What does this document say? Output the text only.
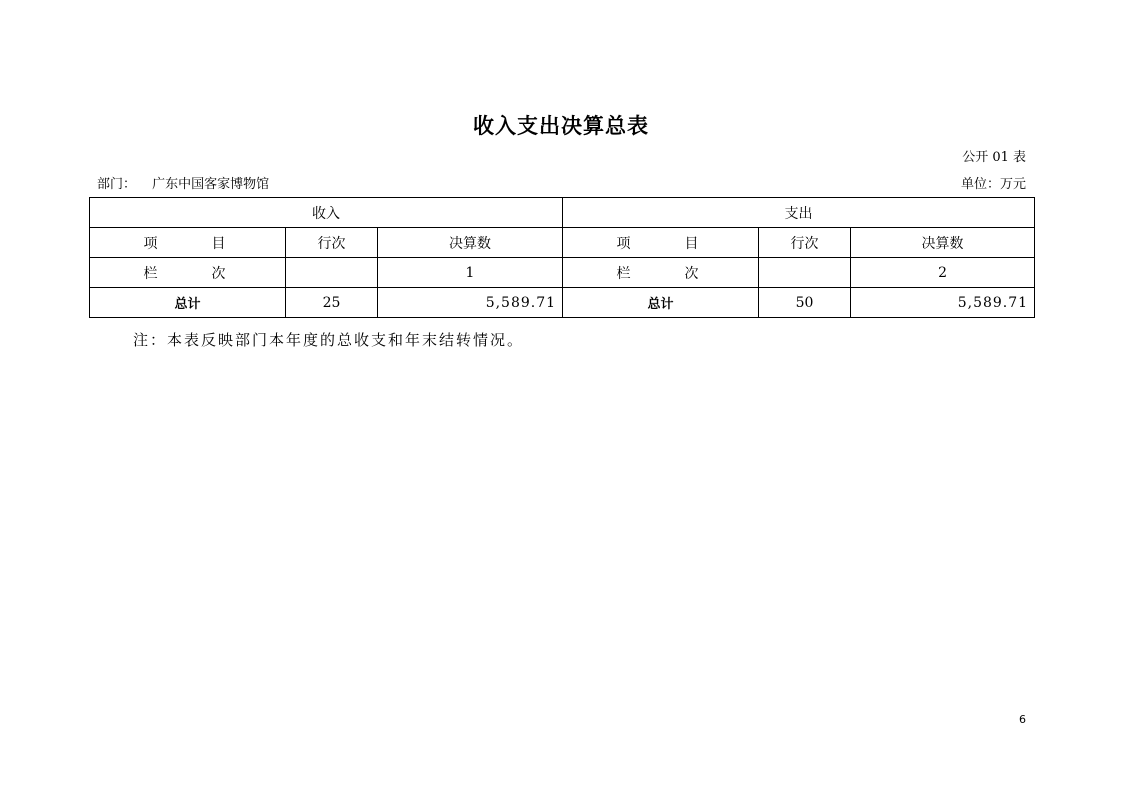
收入支出决算总表
公开 01 表
部门： 广东中国客家博物馆	单位：万元
收入			支出		
项　目	行次	决算数	项　目	行次	决算数
栏　次		1	栏　次		2
总计	25	5,589.71	总计	50	5,589.71
注：本表反映部门本年度的总收支和年末结转情况。
6
